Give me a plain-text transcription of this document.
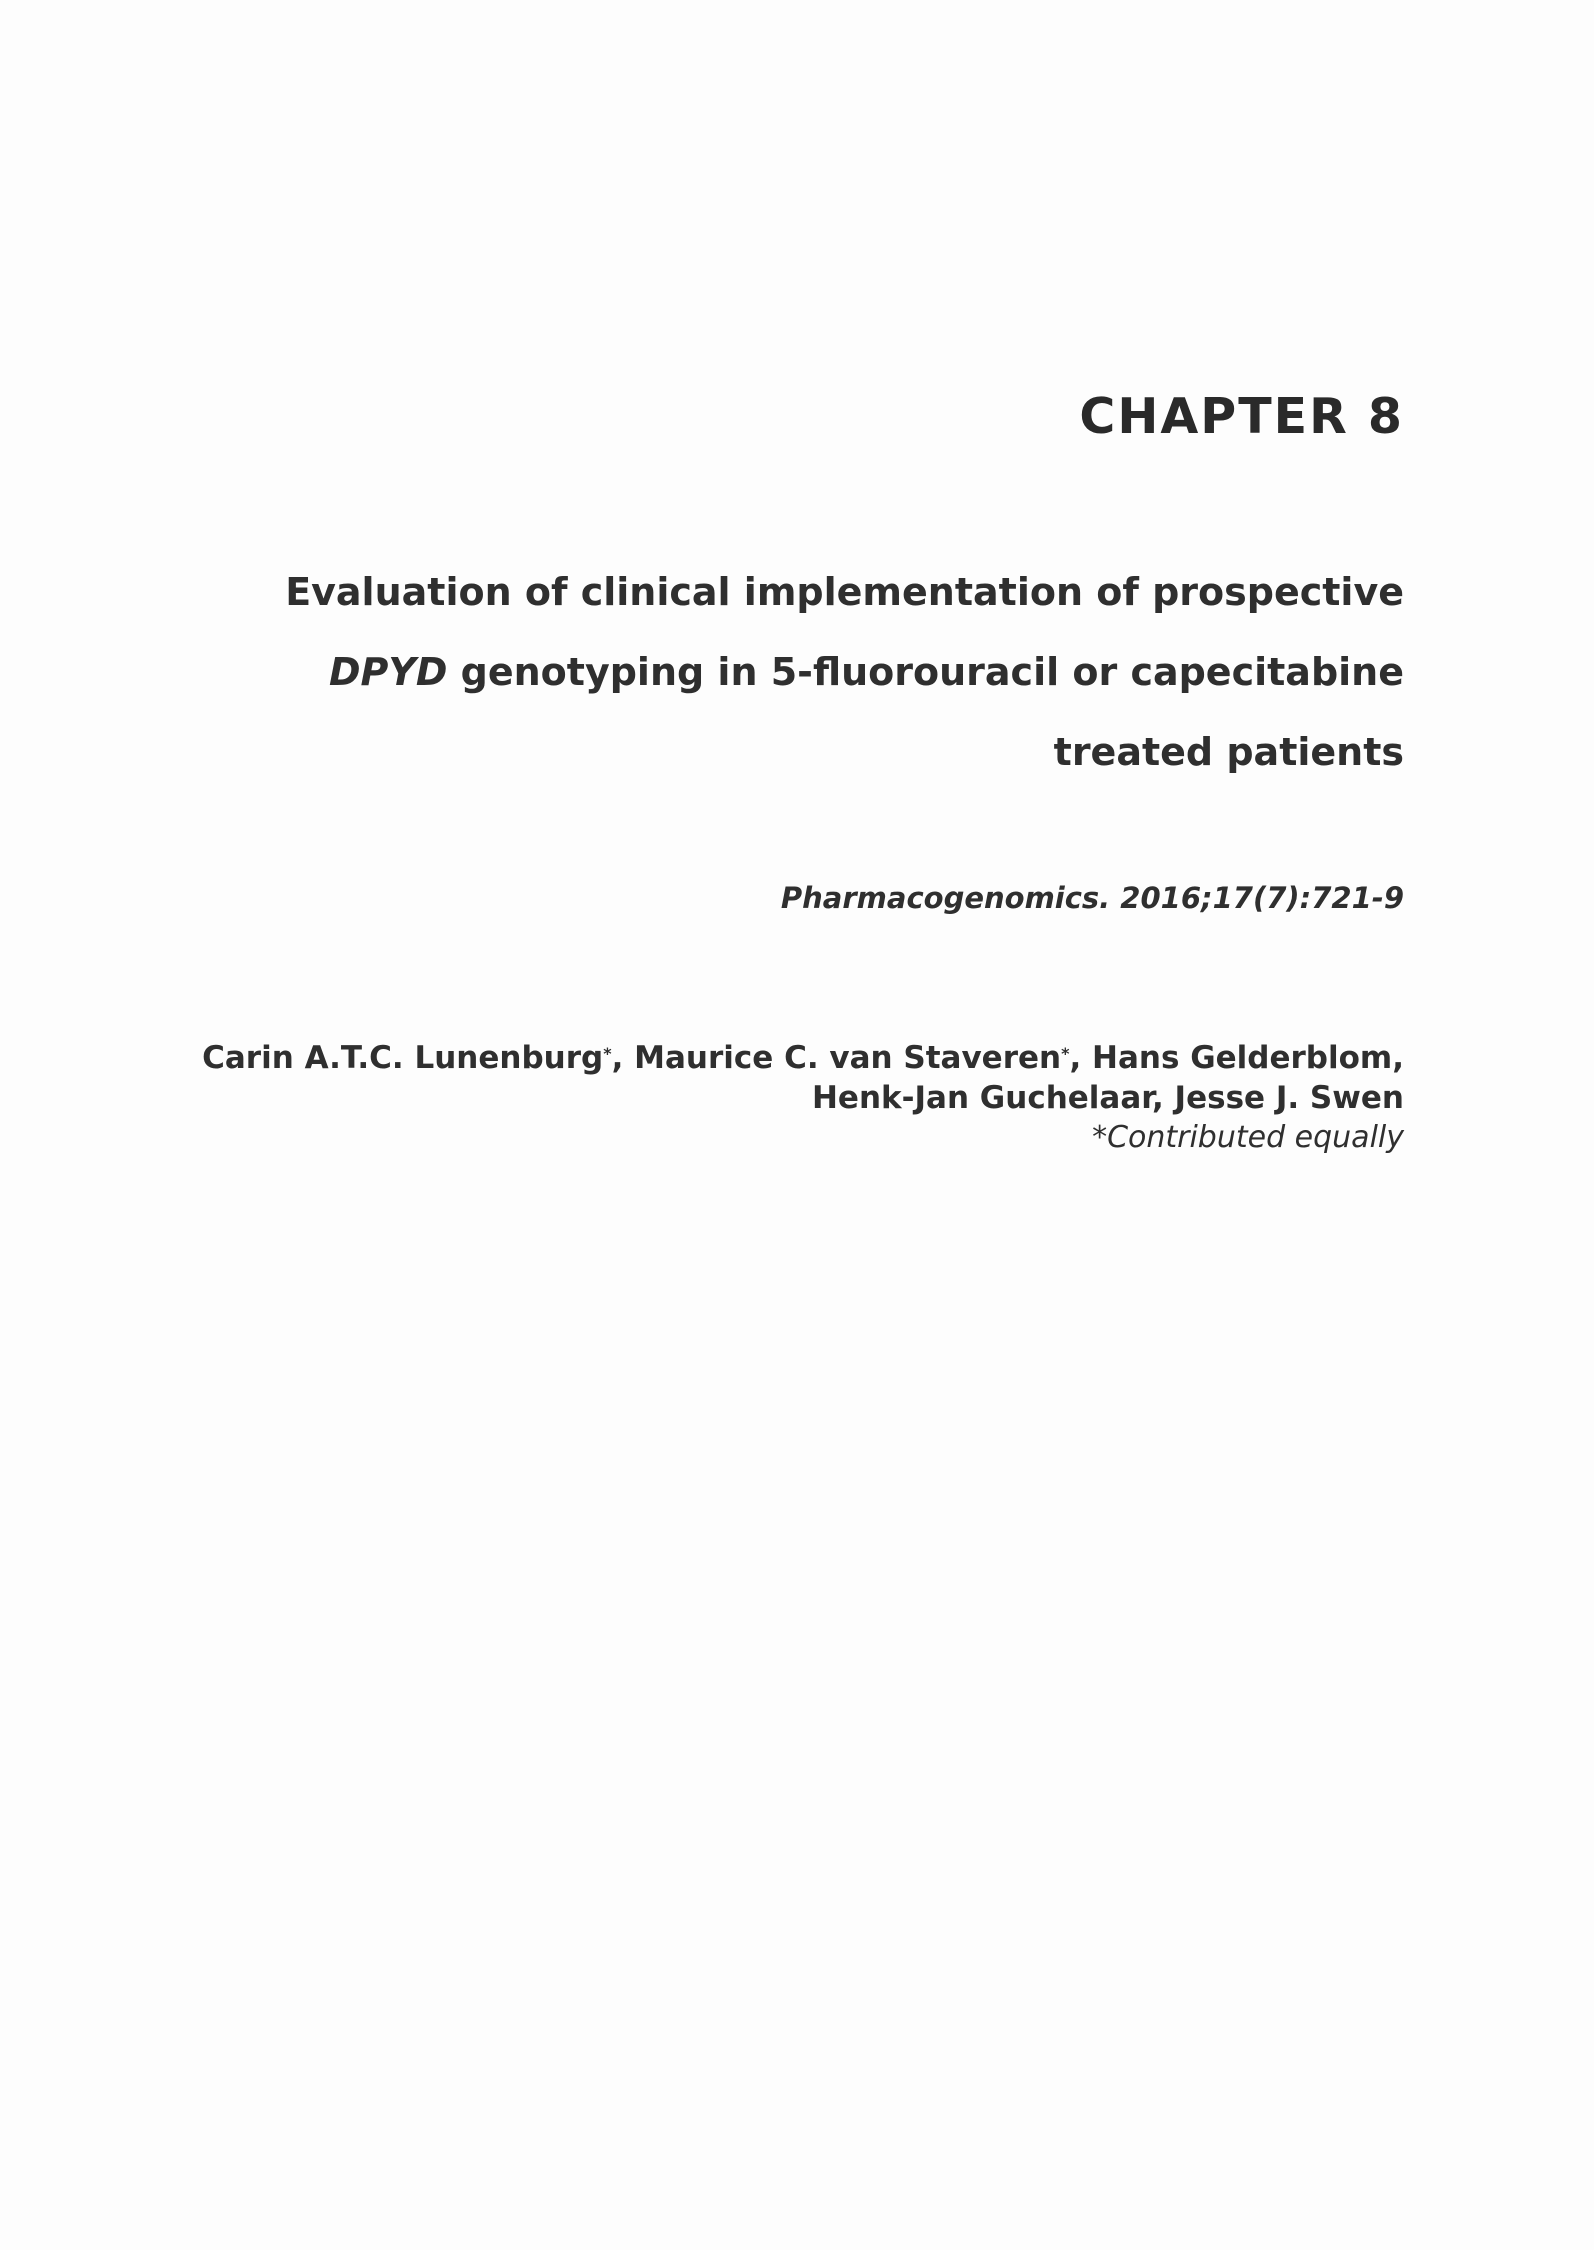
CHAPTER 8
Evaluation of clinical implementation of prospective
DPYD genotyping in 5-fluorouracil or capecitabine
treated patients
Pharmacogenomics. 2016;17(7):721-9
Carin A.T.C. Lunenburg*, Maurice C. van Staveren*, Hans Gelderblom,
Henk-Jan Guchelaar, Jesse J. Swen
*Contributed equally
